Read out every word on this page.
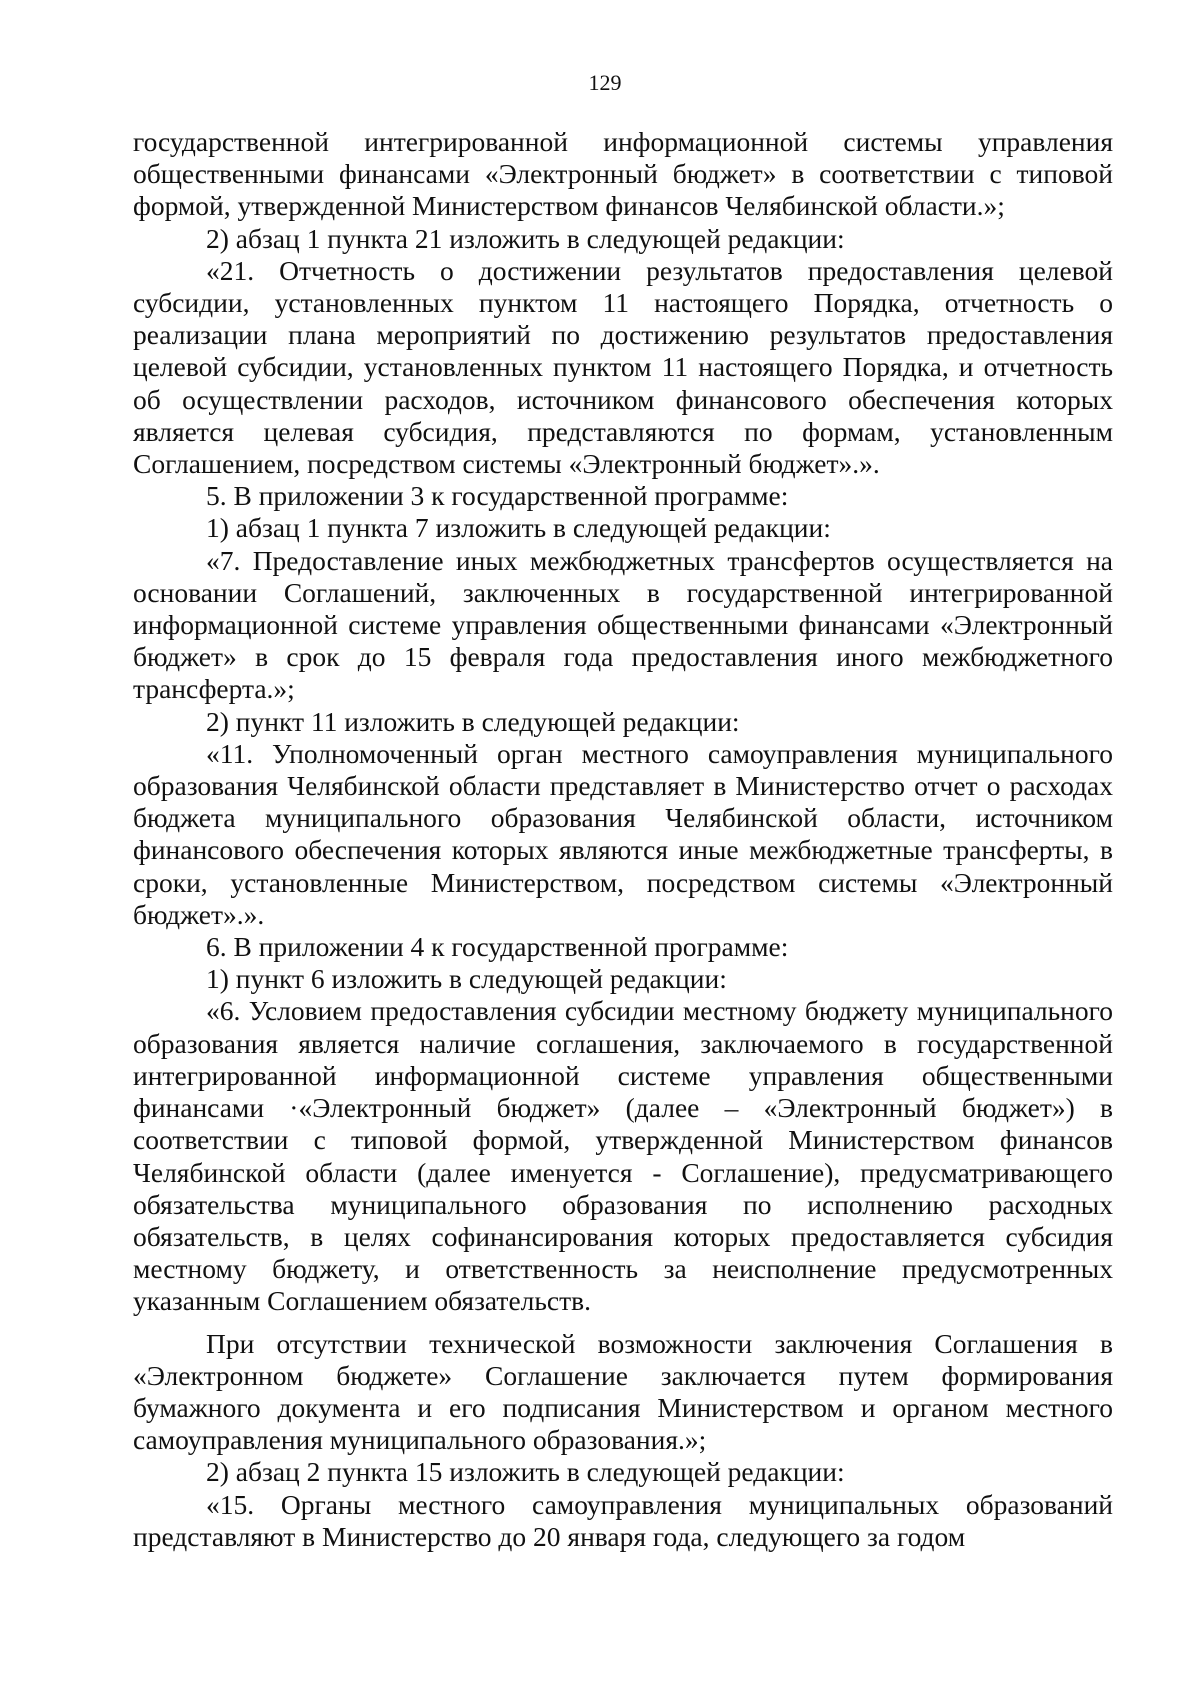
129

государственной интегрированной информационной системы управления общественными финансами «Электронный бюджет» в соответствии с типовой формой, утвержденной Министерством финансов Челябинской области.»;

2) абзац 1 пункта 21 изложить в следующей редакции:

«21. Отчетность о достижении результатов предоставления целевой субсидии, установленных пунктом 11 настоящего Порядка, отчетность о реализации плана мероприятий по достижению результатов предоставления целевой субсидии, установленных пунктом 11 настоящего Порядка, и отчетность об осуществлении расходов, источником финансового обеспечения которых является целевая субсидия, представляются по формам, установленным Соглашением, посредством системы «Электронный бюджет».».

5. В приложении 3 к государственной программе:

1) абзац 1 пункта 7 изложить в следующей редакции:

«7. Предоставление иных межбюджетных трансфертов осуществляется на основании Соглашений, заключенных в государственной интегрированной информационной системе управления общественными финансами «Электронный бюджет» в срок до 15 февраля года предоставления иного межбюджетного трансферта.»;

2) пункт 11 изложить в следующей редакции:

«11. Уполномоченный орган местного самоуправления муниципального образования Челябинской области представляет в Министерство отчет о расходах бюджета муниципального образования Челябинской области, источником финансового обеспечения которых являются иные межбюджетные трансферты, в сроки, установленные Министерством, посредством системы «Электронный бюджет».».

6. В приложении 4 к государственной программе:

1) пункт 6 изложить в следующей редакции:

«6. Условием предоставления субсидии местному бюджету муниципального образования является наличие соглашения, заключаемого в государственной интегрированной информационной системе управления общественными финансами ·«Электронный бюджет» (далее – «Электронный бюджет») в соответствии с типовой формой, утвержденной Министерством финансов Челябинской области (далее именуется - Соглашение), предусматривающего обязательства муниципального образования по исполнению расходных обязательств, в целях софинансирования которых предоставляется субсидия местному бюджету, и ответственность за неисполнение предусмотренных указанным Соглашением обязательств.

При отсутствии технической возможности заключения Соглашения в «Электронном бюджете» Соглашение заключается путем формирования бумажного документа и его подписания Министерством и органом местного самоуправления муниципального образования.»;

2) абзац 2 пункта 15 изложить в следующей редакции:

«15. Органы местного самоуправления муниципальных образований представляют в Министерство до 20 января года, следующего за годом
